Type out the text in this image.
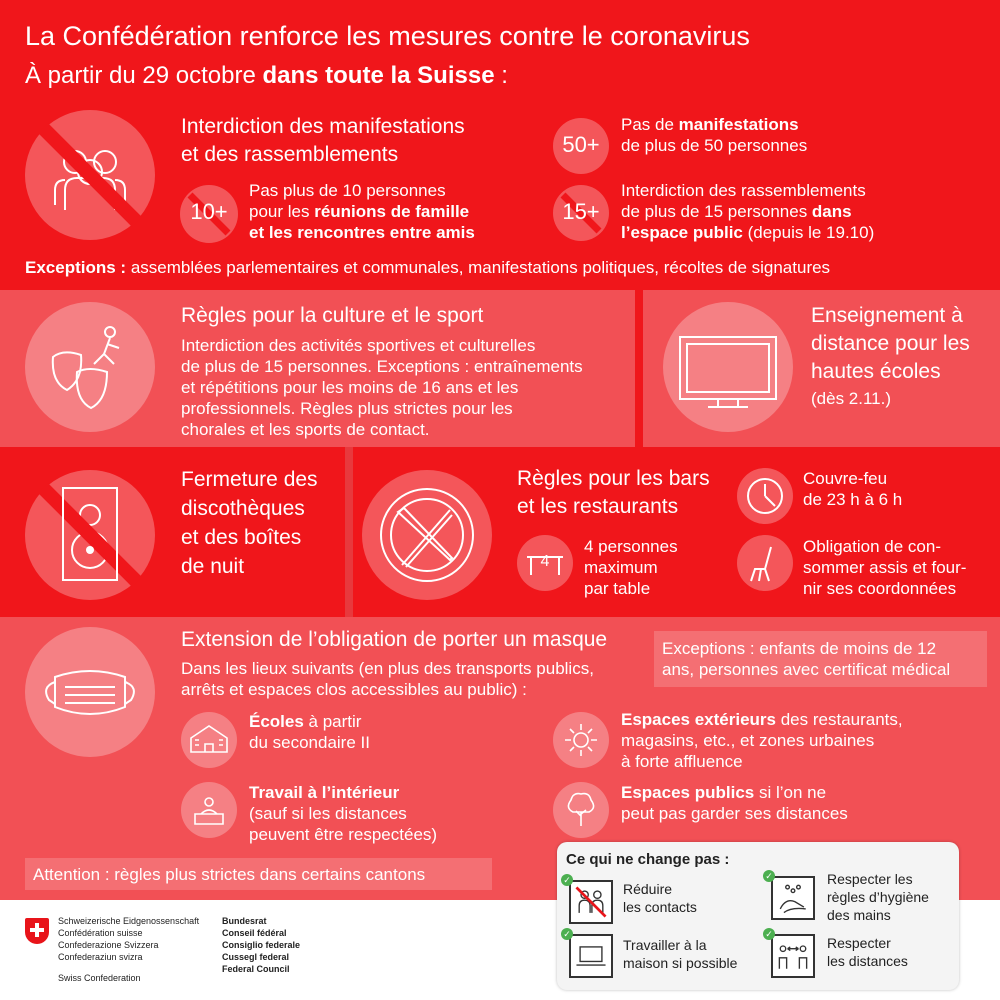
La Confédération renforce les mesures contre le coronavirus
À partir du 29 octobre dans toute la Suisse :
Interdiction des manifestations
et des rassemblements
10+
Pas plus de 10 personnes
pour les réunions de famille
et les rencontres entre amis
50+
Pas de manifestations
de plus de 50 personnes
15+
Interdiction des rassemblements
de plus de 15 personnes dans
l’espace public (depuis le 19.10)
Exceptions : assemblées parlementaires et communales, manifestations politiques, récoltes de signatures
Règles pour la culture et le sport
Interdiction des activités sportives et culturelles
de plus de 15 personnes. Exceptions : entraînements
et répétitions pour les moins de 16 ans et les
professionnels. Règles plus strictes pour les
chorales et les sports de contact.
Enseignement à
distance pour les
hautes écoles
(dès 2.11.)
Fermeture des
discothèques
et des boîtes
de nuit
Règles pour les bars
et les restaurants
Couvre-feu
de 23 h à 6 h
4
4 personnes
maximum
par table
Obligation de con-
sommer assis et four-
nir ses coordonnées
Extension de l’obligation de porter un masque
Dans les lieux suivants (en plus des transports publics,
arrêts et espaces clos accessibles au public) :
Exceptions : enfants de moins de 12
ans, personnes avec certificat médical
Écoles à partir
du secondaire II
Travail à l’intérieur
(sauf si les distances
peuvent être respectées)
Espaces extérieurs des restaurants,
magasins, etc., et zones urbaines
à forte affluence
Espaces publics si l’on ne
peut pas garder ses distances
Attention : règles plus strictes dans certains cantons
Schweizerische Eidgenossenschaft
Confédération suisse
Confederazione Svizzera
Confederaziun svizra
Swiss Confederation
Bundesrat
Conseil fédéral
Consiglio federale
Cussegl federal
Federal Council
Ce qui ne change pas :
✓
Réduire
les contacts
✓	Respecter les
règles d’hygiène
des mains
✓
Travailler à la
maison si possible
✓
Respecter
les distances
